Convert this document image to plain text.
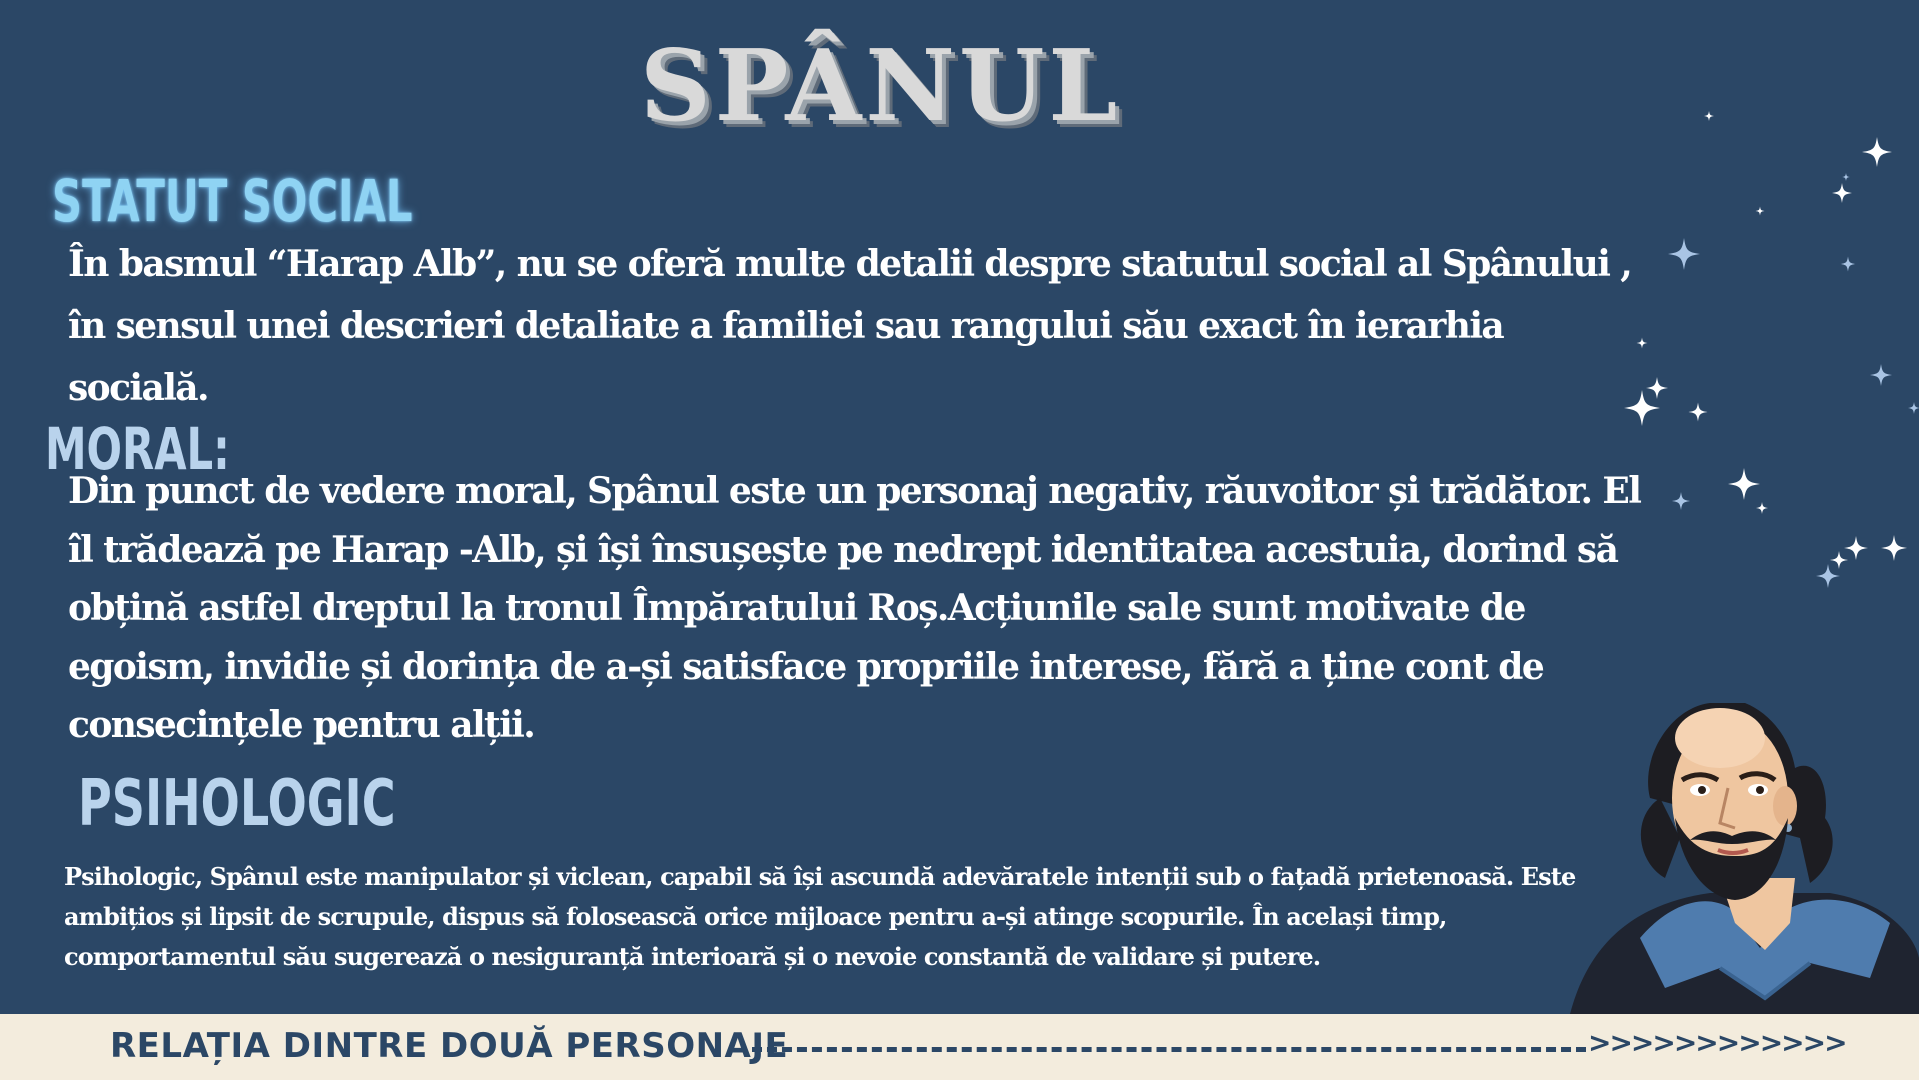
SPÂNUL
STATUT SOCIAL

În basmul “Harap Alb”, nu se oferă multe detalii despre statutul social al Spânului , în sensul unei descrieri detaliate a familiei sau rangului său exact în ierarhia socială.

MORAL:

Din punct de vedere moral, Spânul este un personaj negativ, răuvoitor și trădător. El îl trădează pe Harap -Alb, și își însușește pe nedrept identitatea acestuia, dorind să obțină astfel dreptul la tronul Împăratului Roș.Acțiunile sale sunt motivate de egoism, invidie și dorința de a-și satisface propriile interese, fără a ține cont de consecințele pentru alții.

PSIHOLOGIC

Psihologic, Spânul este manipulator și viclean, capabil să își ascundă adevăratele intenții sub o fațadă prietenoasă. Este ambițios și lipsit de scrupule, dispus să folosească orice mijloace pentru a-și atinge scopurile. În același timp, comportamentul său sugerează o nesiguranță interioară și o nevoie constantă de validare și putere.

RELAȚIA DINTRE DOUĂ PERSONAJE	>>>>>>>>>>>>
